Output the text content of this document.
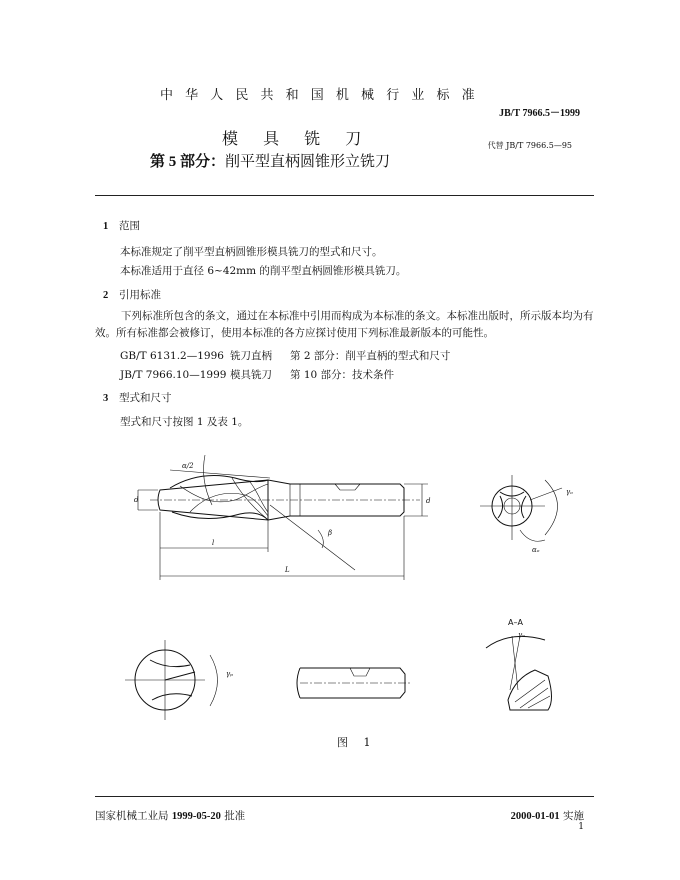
中 华 人 民 共 和 国 机 械 行 业 标 准
JB/T 7966.5－1999
模 具 铣 刀
第 5 部分：削平型直柄圆锥形立铣刀
代替 JB/T 7966.5—95
1 范围
本标准规定了削平型直柄圆锥形模具铣刀的型式和尺寸。
本标准适用于直径 6~42mm 的削平型直柄圆锥形模具铣刀。
2 引用标准
下列标准所包含的条文，通过在本标准中引用而构成为本标准的条文。本标准出版时，所示版本均为有效。所有标准都会被修订，使用本标准的各方应探讨使用下列标准最新版本的可能性。
GB/T 6131.2—1996 铣刀直柄 第 2 部分：削平直柄的型式和尺寸
JB/T 7966.10—1999 模具铣刀 第 10 部分：技术条件
3 型式和尺寸
型式和尺寸按图 1 及表 1。
α/2
d	d
l
L
β
γₒ
αₒ
γₚ
A–A
γₙ
图 1
国家机械工业局 1999-05-20 批准	2000-01-01 实施
1
